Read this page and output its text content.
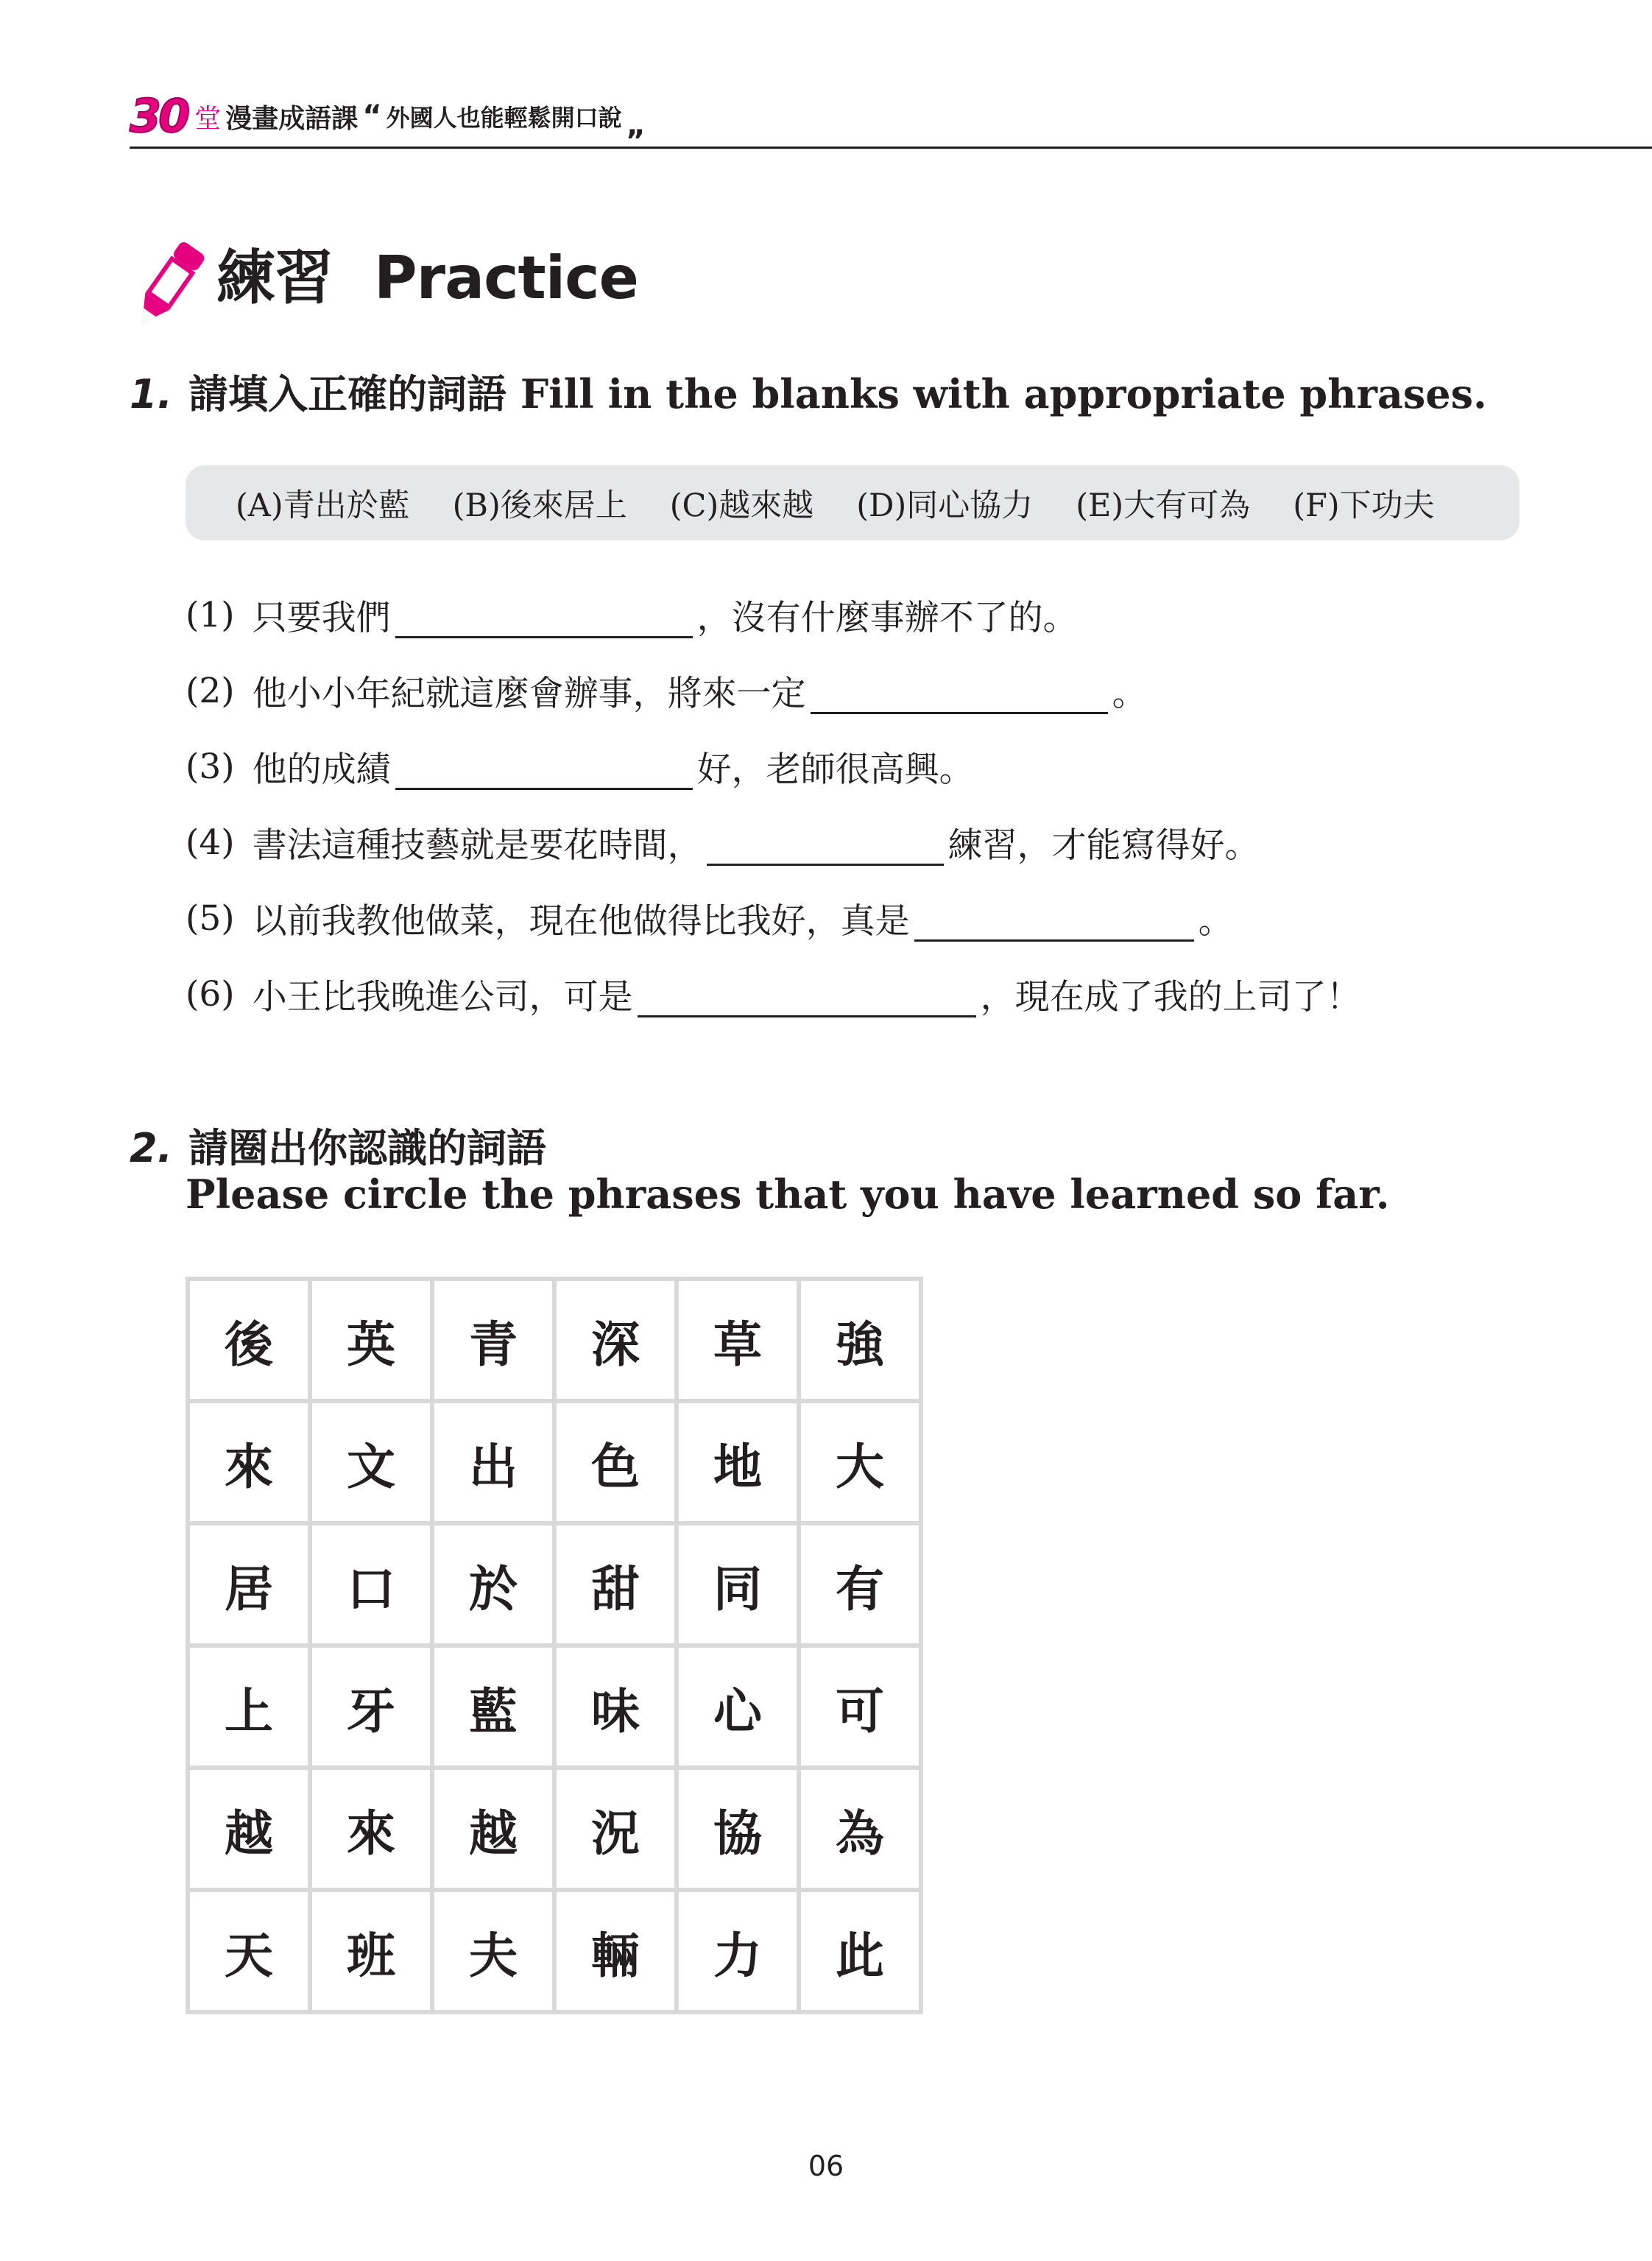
30 堂 漫畫成語課 “ 外國人也能輕鬆開口說 „
練習 Practice
1. 請填入正確的詞語 Fill in the blanks with appropriate phrases.
(A)青出於藍 (B)後來居上 (C)越來越 (D)同心協力 (E)大有可為 (F)下功夫
(1) 只要我們	，沒有什麼事辦不了的。
(2) 他小小年紀就這麼會辦事，將來一定	。
(3) 他的成績	好，老師很高興。
(4) 書法這種技藝就是要花時間，	練習，才能寫得好。
(5) 以前我教他做菜，現在他做得比我好，真是	。
(6) 小王比我晚進公司，可是	，現在成了我的上司了！
2. 請圈出你認識的詞語
Please circle the phrases that you have learned so far.
後	英	青	深	草	強
來	文	出	色	地	大
居	口	於	甜	同	有
上	牙	藍	味	心	可
越	來	越	況	協	為
天	班	夫	輛	力	此
06
